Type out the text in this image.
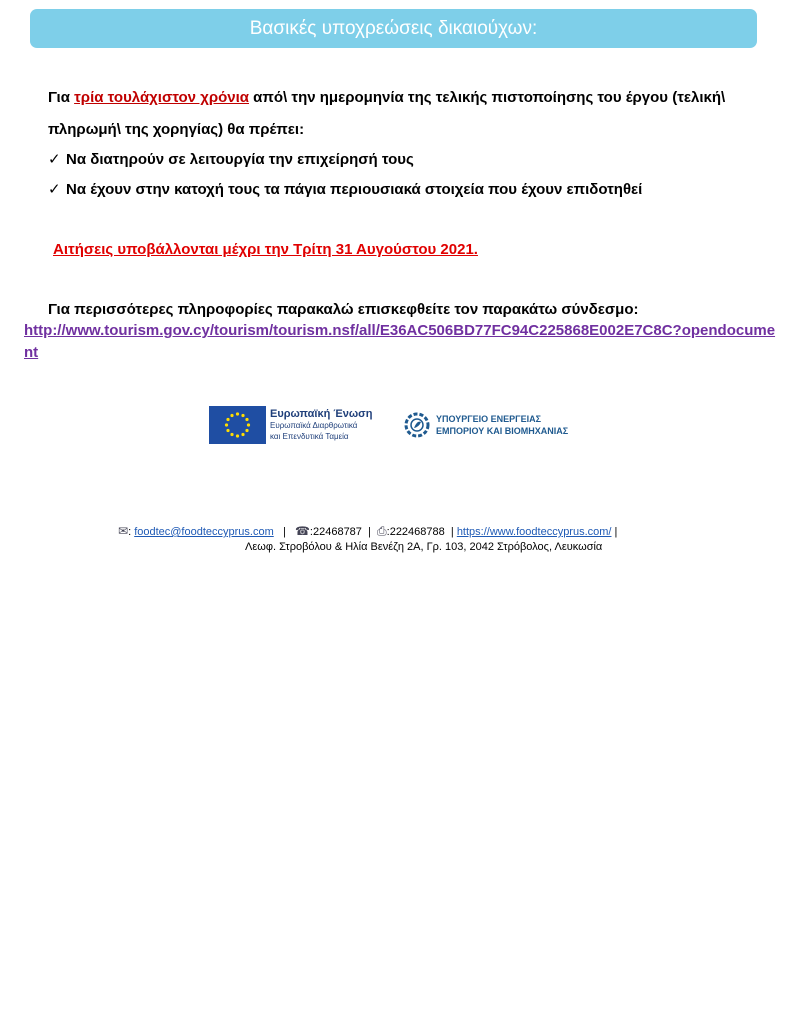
Βασικές υποχρεώσεις δικαιούχων:
Για τρία τουλάχιστον χρόνια από\ την ημερομηνία της τελικής πιστοποίησης του έργου (τελική\
πληρωμή\ της χορηγίας) θα πρέπει:
✓ Να διατηρούν σε λειτουργία την επιχείρησή τους
✓ Να έχουν στην κατοχή τους τα πάγια περιουσιακά στοιχεία που έχουν επιδοτηθεί
Αιτήσεις υποβάλλονται μέχρι την Τρίτη 31 Αυγούστου 2021.
Για περισσότερες πληροφορίες παρακαλώ επισκεφθείτε τον παρακάτω σύνδεσμο:
http://www.tourism.gov.cy/tourism/tourism.nsf/all/E36AC506BD77FC94C225868E002E7C8C?opendocume
nt
Ευρωπαϊκή Ένωση
Ευρωπαϊκά Διαρθρωτικά
και Επενδυτικά Ταμεία
ΥΠΟΥΡΓΕΙΟ ΕΝΕΡΓΕΙΑΣ
ΕΜΠΟΡΙΟΥ ΚΑΙ ΒΙΟΜΗΧΑΝΙΑΣ
✉: foodtec@foodteccyprus.com | ☎:22468787 | ⎙:222468788 | https://www.foodteccyprus.com/ |
Λεωφ. Στροβόλου & Ηλία Βενέζη 2Α, Γρ. 103, 2042 Στρόβολος, Λευκωσία
